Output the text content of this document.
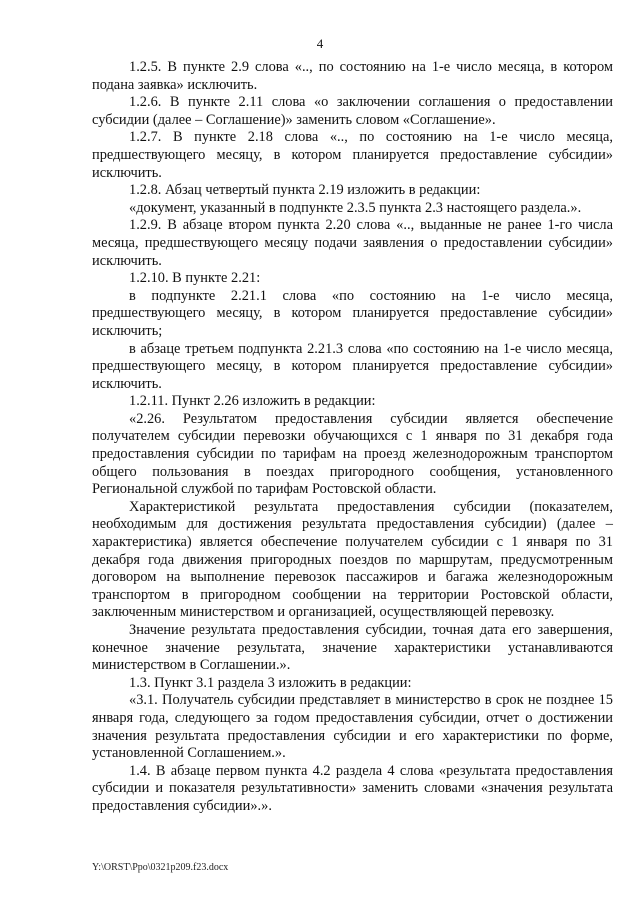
4

1.2.5. В пункте 2.9 слова «.., по состоянию на 1-е число месяца, в котором подана заявка» исключить.

1.2.6. В пункте 2.11 слова «о заключении соглашения о предоставлении субсидии (далее – Соглашение)» заменить словом «Соглашение».

1.2.7. В пункте 2.18 слова «.., по состоянию на 1-е число месяца, предшествующего месяцу, в котором планируется предоставление субсидии» исключить.

1.2.8. Абзац четвертый пункта 2.19 изложить в редакции:

«документ, указанный в подпункте 2.3.5 пункта 2.3 настоящего раздела.».

1.2.9. В абзаце втором пункта 2.20 слова «.., выданные не ранее 1-го числа месяца, предшествующего месяцу подачи заявления о предоставлении субсидии» исключить.

1.2.10. В пункте 2.21:

в подпункте 2.21.1 слова «по состоянию на 1-е число месяца, предшествующего месяцу, в котором планируется предоставление субсидии» исключить;

в абзаце третьем подпункта 2.21.3 слова «по состоянию на 1-е число месяца, предшествующего месяцу, в котором планируется предоставление субсидии» исключить.

1.2.11. Пункт 2.26 изложить в редакции:

«2.26. Результатом предоставления субсидии является обеспечение получателем субсидии перевозки обучающихся с 1 января по 31 декабря года предоставления субсидии по тарифам на проезд железнодорожным транспортом общего пользования в поездах пригородного сообщения, установленного Региональной службой по тарифам Ростовской области.

Характеристикой результата предоставления субсидии (показателем, необходимым для достижения результата предоставления субсидии) (далее – характеристика) является обеспечение получателем субсидии с 1 января по 31 декабря года движения пригородных поездов по маршрутам, предусмотренным договором на выполнение перевозок пассажиров и багажа железнодорожным транспортом в пригородном сообщении на территории Ростовской области, заключенным министерством и организацией, осуществляющей перевозку.

Значение результата предоставления субсидии, точная дата его завершения, конечное значение результата, значение характеристики устанавливаются министерством в Соглашении.».

1.3. Пункт 3.1 раздела 3 изложить в редакции:

«3.1. Получатель субсидии представляет в министерство в срок не позднее 15 января года, следующего за годом предоставления субсидии, отчет о достижении значения результата предоставления субсидии и его характеристики по форме, установленной Соглашением.».

1.4. В абзаце первом пункта 4.2 раздела 4 слова «результата предоставления субсидии и показателя результативности» заменить словами «значения результата предоставления субсидии».».

Y:\ORST\Ppo\0321p209.f23.docx
